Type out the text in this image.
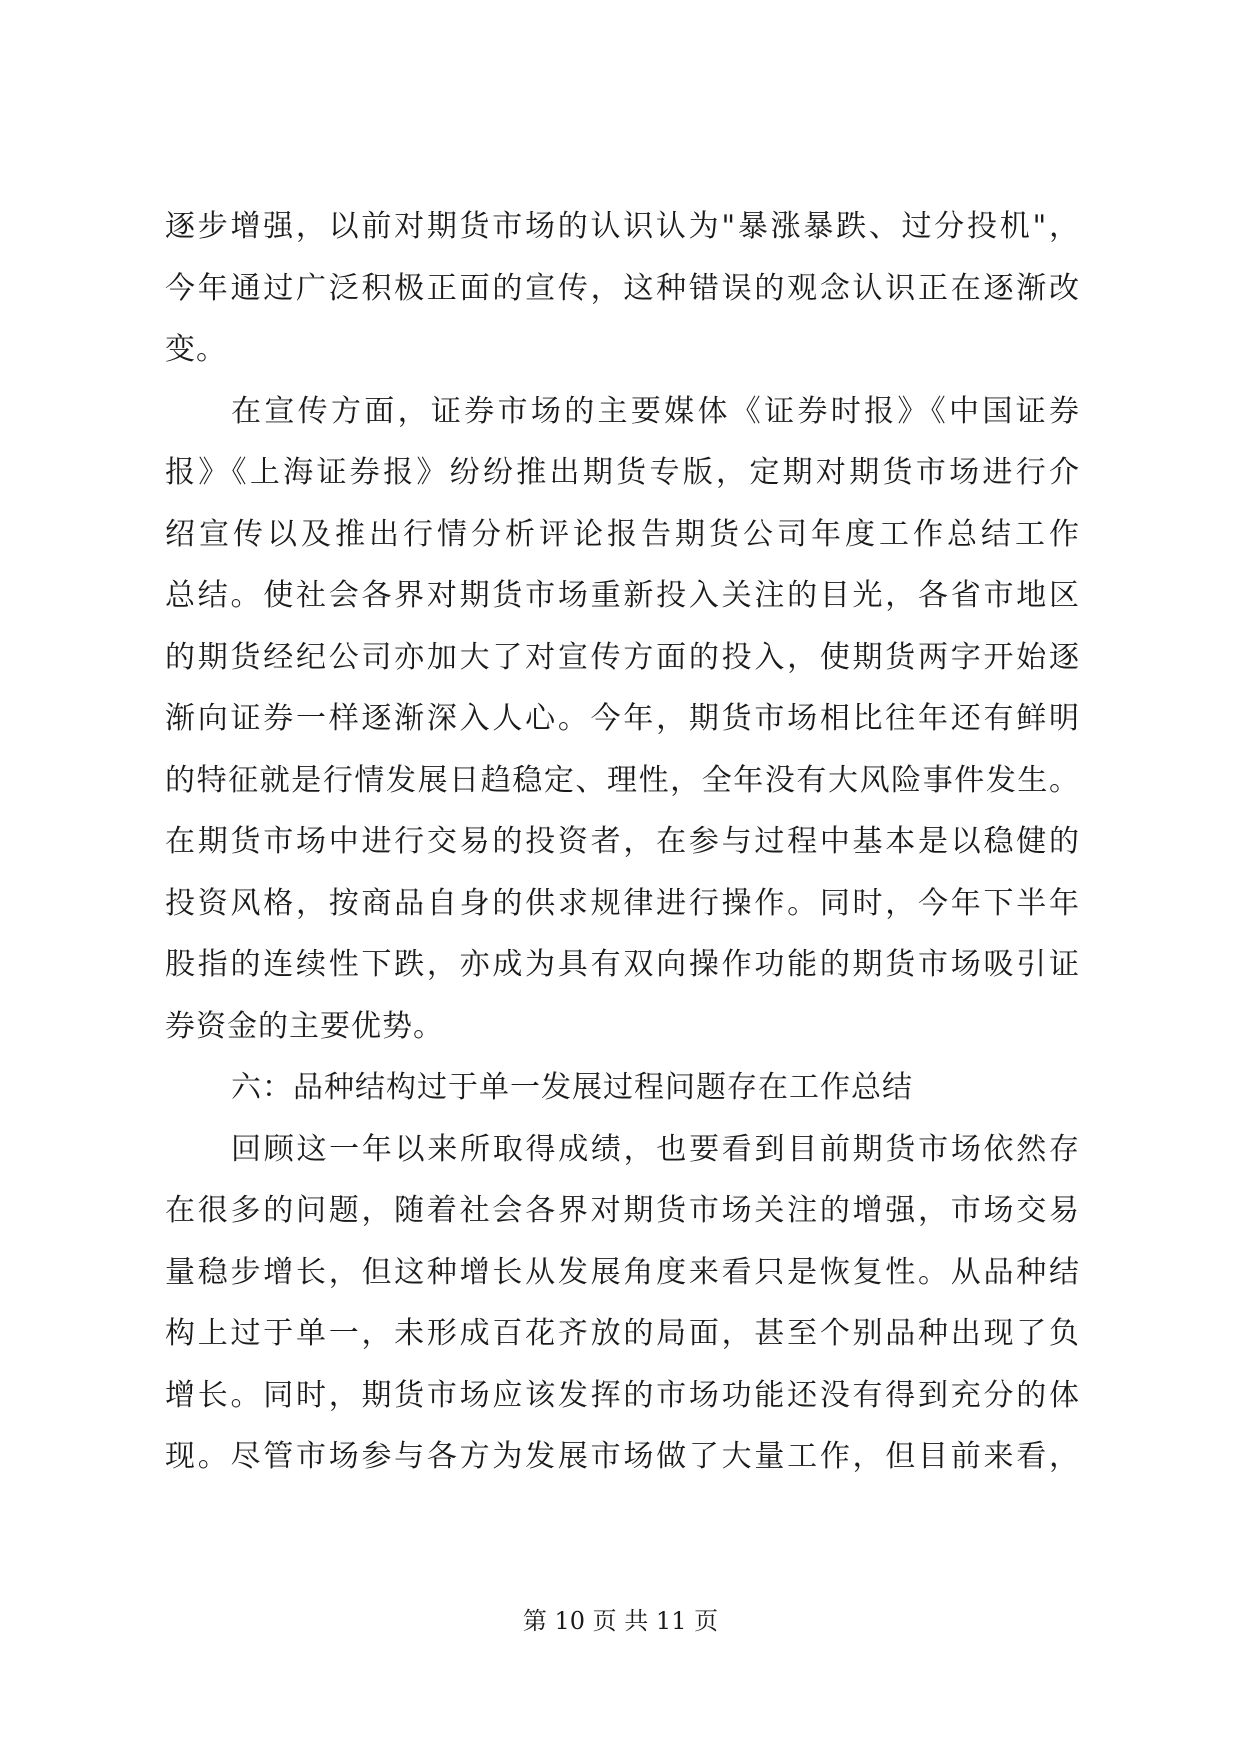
逐步增强，以前对期货市场的认识认为"暴涨暴跌、过分投机"，
今年通过广泛积极正面的宣传，这种错误的观念认识正在逐渐改
变。
在宣传方面，证券市场的主要媒体《证券时报》《中国证券
报》《上海证券报》纷纷推出期货专版，定期对期货市场进行介
绍宣传以及推出行情分析评论报告期货公司年度工作总结工作
总结。使社会各界对期货市场重新投入关注的目光，各省市地区
的期货经纪公司亦加大了对宣传方面的投入，使期货两字开始逐
渐向证券一样逐渐深入人心。今年，期货市场相比往年还有鲜明
的特征就是行情发展日趋稳定、理性，全年没有大风险事件发生。
在期货市场中进行交易的投资者，在参与过程中基本是以稳健的
投资风格，按商品自身的供求规律进行操作。同时，今年下半年
股指的连续性下跌，亦成为具有双向操作功能的期货市场吸引证
券资金的主要优势。
六：品种结构过于单一发展过程问题存在工作总结
回顾这一年以来所取得成绩，也要看到目前期货市场依然存
在很多的问题，随着社会各界对期货市场关注的增强，市场交易
量稳步增长，但这种增长从发展角度来看只是恢复性。从品种结
构上过于单一，未形成百花齐放的局面，甚至个别品种出现了负
增长。同时，期货市场应该发挥的市场功能还没有得到充分的体
现。尽管市场参与各方为发展市场做了大量工作，但目前来看，
第 10 页 共 11 页
